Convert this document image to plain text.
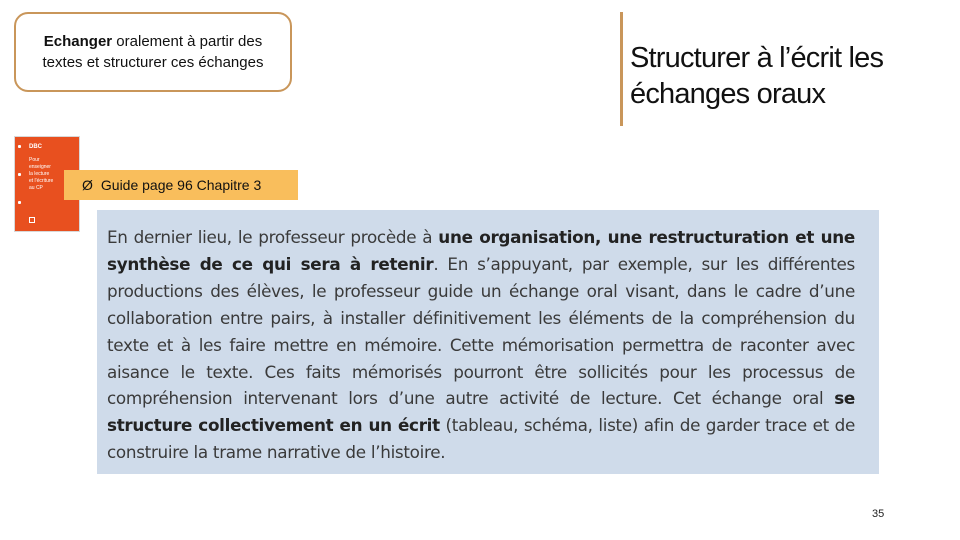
Echanger oralement à partir des textes et structurer ces échanges	Structurer à l’écrit les échanges oraux
DBC
Pour
enseigner
la lecture
et l'écriture
au CP	Ø Guide page 96 Chapitre 3
En dernier lieu, le professeur procède à une organisation, une restructuration et une synthèse de ce qui sera à retenir. En s’appuyant, par exemple, sur les différentes productions des élèves, le professeur guide un échange oral visant, dans le cadre d’une collaboration entre pairs, à installer définitivement les éléments de la compréhension du texte et à les faire mettre en mémoire. Cette mémorisation permettra de raconter avec aisance le texte. Ces faits mémorisés pourront être sollicités pour les processus de compréhension intervenant lors d’une autre activité de lecture. Cet échange oral se structure collectivement en un écrit (tableau, schéma, liste) afin de garder trace et de construire la trame narrative de l’histoire.
35
